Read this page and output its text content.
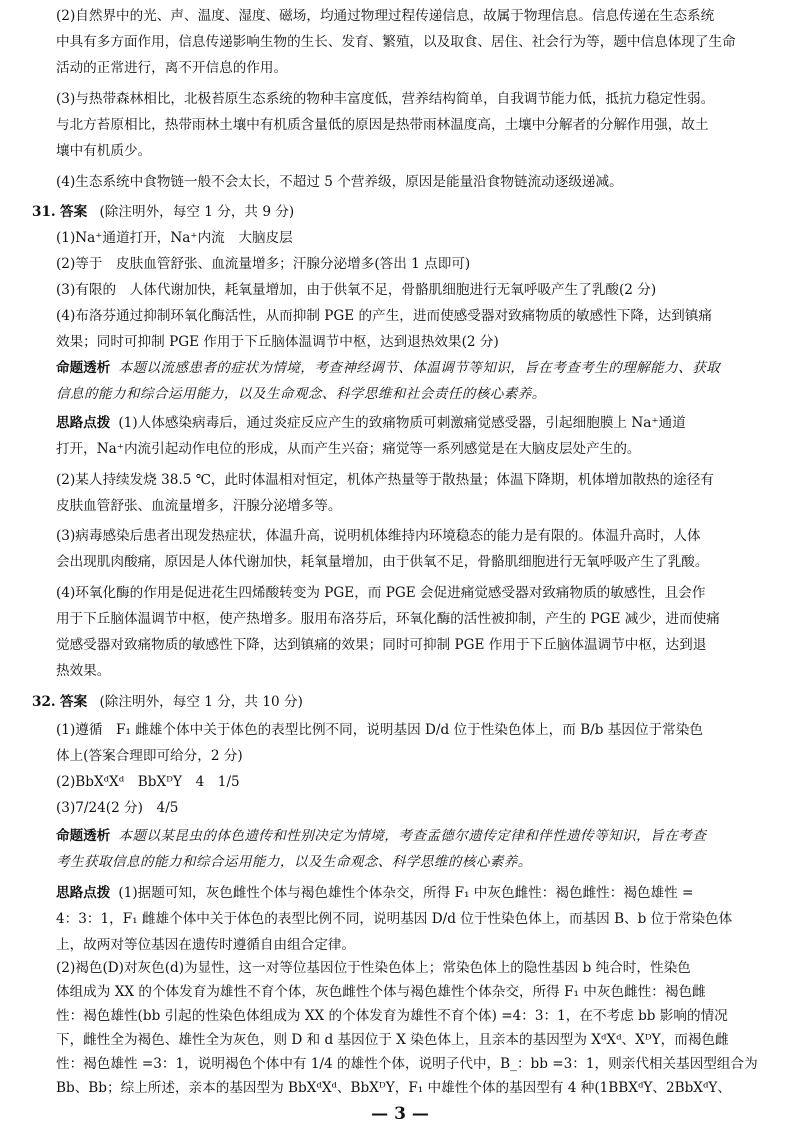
(2)自然界中的光、声、温度、湿度、磁场，均通过物理过程传递信息，故属于物理信息。信息传递在生态系统
中具有多方面作用，信息传递影响生物的生长、发育、繁殖，以及取食、居住、社会行为等，题中信息体现了生命
活动的正常进行，离不开信息的作用。
(3)与热带森林相比，北极苔原生态系统的物种丰富度低，营养结构简单，自我调节能力低，抵抗力稳定性弱。
与北方苔原相比，热带雨林土壤中有机质含量低的原因是热带雨林温度高，土壤中分解者的分解作用强，故土
壤中有机质少。
(4)生态系统中食物链一般不会太长，不超过 5 个营养级，原因是能量沿食物链流动逐级递减。
31. 答案 (除注明外，每空 1 分，共 9 分)
(1)Na⁺通道打开，Na⁺内流　大脑皮层
(2)等于　皮肤血管舒张、血流量增多；汗腺分泌增多(答出 1 点即可)
(3)有限的　人体代谢加快，耗氧量增加，由于供氧不足，骨骼肌细胞进行无氧呼吸产生了乳酸(2 分)
(4)布洛芬通过抑制环氧化酶活性，从而抑制 PGE 的产生，进而使感受器对致痛物质的敏感性下降，达到镇痛
效果；同时可抑制 PGE 作用于下丘脑体温调节中枢，达到退热效果(2 分)
命题透析 本题以流感患者的症状为情境，考查神经调节、体温调节等知识，旨在考查考生的理解能力、获取
信息的能力和综合运用能力，以及生命观念、科学思维和社会责任的核心素养。
思路点拨 (1)人体感染病毒后，通过炎症反应产生的致痛物质可刺激痛觉感受器，引起细胞膜上 Na⁺通道
打开，Na⁺内流引起动作电位的形成，从而产生兴奋；痛觉等一系列感觉是在大脑皮层处产生的。
(2)某人持续发烧 38.5 ℃，此时体温相对恒定，机体产热量等于散热量；体温下降期，机体增加散热的途径有
皮肤血管舒张、血流量增多，汗腺分泌增多等。
(3)病毒感染后患者出现发热症状，体温升高，说明机体维持内环境稳态的能力是有限的。体温升高时，人体
会出现肌肉酸痛，原因是人体代谢加快，耗氧量增加，由于供氧不足，骨骼肌细胞进行无氧呼吸产生了乳酸。
(4)环氧化酶的作用是促进花生四烯酸转变为 PGE，而 PGE 会促进痛觉感受器对致痛物质的敏感性，且会作
用于下丘脑体温调节中枢，使产热增多。服用布洛芬后，环氧化酶的活性被抑制，产生的 PGE 减少，进而使痛
觉感受器对致痛物质的敏感性下降，达到镇痛的效果；同时可抑制 PGE 作用于下丘脑体温调节中枢，达到退
热效果。
32. 答案 (除注明外，每空 1 分，共 10 分)
(1)遵循　F₁ 雌雄个体中关于体色的表型比例不同，说明基因 D/d 位于性染色体上，而 B/b 基因位于常染色
体上(答案合理即可给分，2 分)
(2)BbXᵈXᵈ　BbXᴰY　4　1/5
(3)7/24(2 分)　4/5
命题透析 本题以某昆虫的体色遗传和性别决定为情境，考查孟德尔遗传定律和伴性遗传等知识，旨在考查
考生获取信息的能力和综合运用能力，以及生命观念、科学思维的核心素养。
思路点拨 (1)据题可知，灰色雌性个体与褐色雄性个体杂交，所得 F₁ 中灰色雌性：褐色雌性：褐色雄性 =
4：3：1，F₁ 雌雄个体中关于体色的表型比例不同，说明基因 D/d 位于性染色体上，而基因 B、b 位于常染色体
上，故两对等位基因在遗传时遵循自由组合定律。
(2)褐色(D)对灰色(d)为显性，这一对等位基因位于性染色体上；常染色体上的隐性基因 b 纯合时，性染色
体组成为 XX 的个体发育为雄性不育个体，灰色雌性个体与褐色雄性个体杂交，所得 F₁ 中灰色雌性：褐色雌
性：褐色雄性(bb 引起的性染色体组成为 XX 的个体发育为雄性不育个体) =4：3：1，在不考虑 bb 影响的情况
下，雌性全为褐色、雄性全为灰色，则 D 和 d 基因位于 X 染色体上，且亲本的基因型为 XᵈXᵈ、XᴰY，而褐色雌
性：褐色雄性 =3：1，说明褐色个体中有 1/4 的雄性个体，说明子代中，B_：bb =3：1，则亲代相关基因型组合为
Bb、Bb；综上所述，亲本的基因型为 BbXᵈXᵈ、BbXᴰY，F₁ 中雄性个体的基因型有 4 种(1BBXᵈY、2BbXᵈY、
— 3 —
